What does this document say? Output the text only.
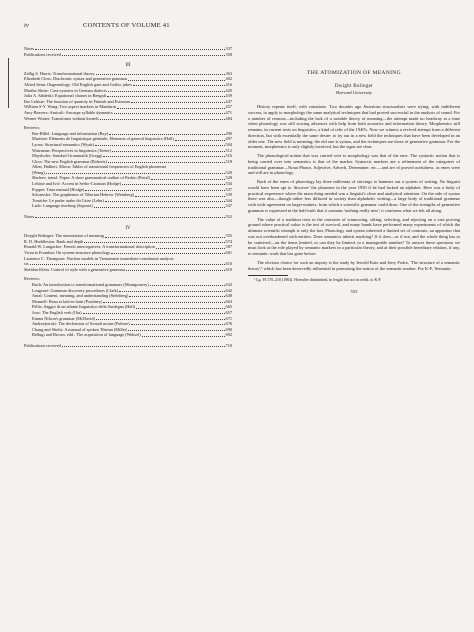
iv	CONTENTS OF VOLUME 41
Notes	337
Publications received	358
III
Zellig S. Harris: Transformational theory	363
Elizabeth Closs: Diachronic syntax and generative grammar	402
Alfred Senn: Ongenealogy: Old English gaer and Gothic jukes	416
Martha Shrier: Case systems in German dialects	420
Julia A. Sableski: Equational clauses in Bengali	439
Ilse Lehiste: The function of quantity in Finnish and Estonian	447
William S-Y. Wang: Two aspect markers in Mandarin	457
Amy Beavers: Amiculi: Ancuspe syllable dynamics	471
Werner Winter: Transforms without kernels	484
Reviews:
Bar-Hillel: Language and information (Ray)	490
Martinet: Eléments de linguistique générale; Elements of general linguistics (Hall)	497
Lyons: Structural semantics (Wyatt)	504
Waterman: Perspectives in linguistics (Teeter)	512
Mayrhofer: Sanskrit-Grammatik (Gregg)	516
Closs: The new English grammar (Roberts)	518
Allen, Hulbert, Miron: Tables of transitional frequencies of English phonemes
(Wang)	520
Shafeev, transl. Paper: A short grammatical outline of Pashto (Penzl)	528
Lehiste and Ivić: Accent in Serbo-Croatian (Hodge)	534
Popper: Tatar manual (Hodge)	537
Schuessler: The graphemes of Tiberian Hebrew (Weinberg)	539
Tomiche: Le parler arabe du Caire (Lehn)	544
Lado: Language teaching (Saporta)	547
Notes	552
IV
Dwight Bolinger: The atomization of meaning	555
R. D. Huddleston: Rank and depth	574
Ronald W. Langacker: French interrogatives: A transformational description	587
Victoria Fromkin: On system-structure phonology	601
Laurence C. Thompson: Nuclear models in Vietnamese immediate-constituent analysis
sis	610
Sheldon Klein: Control of style with a generative grammar	619
Reviews:
Bach: An introduction to transformational grammars (Montgomery)	632
Lougeare: Grammar discovery procedures (Clark)	642
Antal: Content, meaning, and understanding (Steinberg)	648
Monnell: Beau et laid en latin (Poultney)	663
Pellis: Saggio di un atlante linguistico della Sardegna (Hall)	665
Joos: The English verb (Ota)	657
Emma Nilson's grammar (McDavid)	671
Andrzejewski: The declension of Somali nouns (Palmer)	676
Chang and Shefts: A manual of spoken Tibetan (Miller)	690
Bellugi and Brown, edd.: The acquisition of language (Weksel)	692
Publications received	710
THE ATOMIZATION OF MEANING
Dwight Bolinger
Harvard University

History repeats itself, with variations. Two decades ago American structuralists were trying, with indifferent success, to apply to morphology the same analytical techniques that had proved successful in the analysis of sound. For a number of reasons—including the lack of a suitable theory of meaning—the attempt made no headway at a time when phonology was still scoring advances with help from both acoustics and information theory. Morphemics still remains, in current texts on linguistics, a kind of relic of the 1940's. Now we witness a revived attempt from a different direction, but with essentially the same desire: to try out in a new field the techniques that have been developed in an older one. The new field is meaning; the old one is syntax, and the techniques are those of generative grammar. For the moment, morphemics is only slightly involved, but the signs are clear.

The phonological notion that was carried over to morphology was that of the eme. The syntactic notion that is being carried over into semantics is that of the marker. Syntactic markers are a refinement of the categories of traditional grammar—Noun Phrase, Adjective, Adverb, Determiner, etc.—and are of proved usefulness, as emes were and still are in phonology.

Back of the emes of phonology lay three millennia of strivings to hammer out a system of writing. No linguist would have been apt to 'discover' the phoneme in the year 1930 if he had lacked an alphabet. Here was a body of practical experience where the main thing needed was a linguist's close and analytical attention. On the side of syntax there was also—though rather less diffused in society than alphabetic writing—a large body of traditional grammar with wide agreement on larger matters, from which a scientific grammar could draw. One of the strengths of generative grammar is expressed in the half-truth that it contains 'nothing really new'; it conforms what we felt all along.

The value of a tradition rests in the centuries of winnowing, sifting, selecting, and rejecting on a vast proving ground where practical value is the test of survival, and many hands have performed many experiments of which the ultimate scientific triumph is only the last. Phonology and syntax inherited a limited set of contrasts, an apparatus that was not overburdened with entities. Does semantics inherit anything? If it does—or if not, and the whole thing has to be contrived—on the items limited, or can they be limited, to a manageable number? To answer these questions we must look at the role played by semantic markers in a particular theory, and at their possible hereditary relation, if any, to semantic work that has gone before.

The obvious choice for such an inquiry is the study by Jerrold Katz and Jerry Fodor, 'The structure of a semantic theory',¹ which has been deservedly influential in promoting the notion of the semantic marker. For K-F, 'Semantic

¹ Lg. 39.170–210 (1963). Hereafter diminished, in length but not in credit, to K-F.
555
